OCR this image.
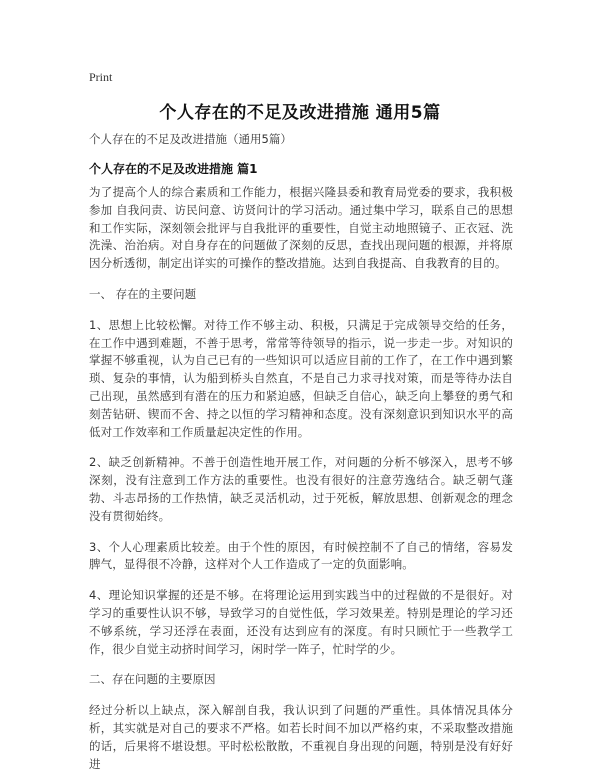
Print
个人存在的不足及改进措施 通用5篇
个人存在的不足及改进措施（通用5篇）
个人存在的不足及改进措施 篇1

为了提高个人的综合素质和工作能力，根据兴隆县委和教育局党委的要求，我积极参加 自我问责、访民问意、访贤问计的学习活动。通过集中学习，联系自己的思想和工作实际，深刻领会批评与自我批评的重要性，自觉主动地照镜子、正衣冠、洗洗澡、治治病。对自身存在的问题做了深刻的反思，查找出现问题的根源，并将原因分析透彻，制定出详实的可操作的整改措施。达到自我提高、自我教育的目的。

一、 存在的主要问题

1、思想上比较松懈。对待工作不够主动、积极，只满足于完成领导交给的任务，在工作中遇到难题，不善于思考，常常等待领导的指示，说一步走一步。对知识的掌握不够重视，认为自己已有的一些知识可以适应目前的工作了，在工作中遇到繁琐、复杂的事情，认为船到桥头自然直，不是自己力求寻找对策，而是等待办法自己出现，虽然感到有潜在的压力和紧迫感，但缺乏自信心，缺乏向上攀登的勇气和刻苦钻研、锲而不舍、持之以恒的学习精神和态度。没有深刻意识到知识水平的高低对工作效率和工作质量起决定性的作用。

2、缺乏创新精神。不善于创造性地开展工作，对问题的分析不够深入，思考不够深刻，没有注意到工作方法的重要性。也没有很好的注意劳逸结合。缺乏朝气蓬勃、斗志昂扬的工作热情，缺乏灵活机动，过于死板，解放思想、创新观念的理念没有贯彻始终。

3、个人心理素质比较差。由于个性的原因，有时候控制不了自己的情绪，容易发脾气，显得很不冷静，这样对个人工作造成了一定的负面影响。

4、理论知识掌握的还是不够。在将理论运用到实践当中的过程做的不是很好。对学习的重要性认识不够，导致学习的自觉性低，学习效果差。特别是理论的学习还不够系统，学习还浮在表面，还没有达到应有的深度。有时只顾忙于一些教学工作，很少自觉主动挤时间学习，闲时学一阵子，忙时学的少。

二、存在问题的主要原因

经过分析以上缺点，深入解剖自我，我认识到了问题的严重性。具体情况具体分析，其实就是对自己的要求不严格。如若长时间不加以严格约束，不采取整改措施的话，后果将不堪设想。平时松松散散，不重视自身出现的问题，特别是没有好好进
